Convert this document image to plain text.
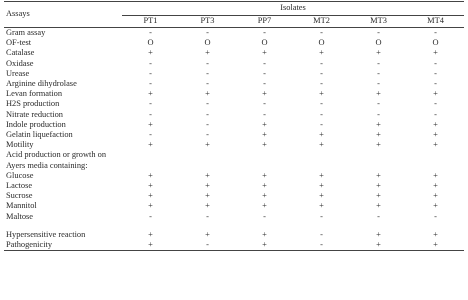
Assays	Isolates					
	PT1	PT3	PP7	MT2	MT3	MT4
Gram assay	-	-	-	-	-	-
OF-test	O	O	O	O	O	O
Catalase	+	+	+	+	+	+
Oxidase	-	-	-	-	-	-
Urease	-	-	-	-	-	-
Arginine dihydrolase	-	-	-	-	-	-
Levan formation	+	+	+	+	+	+
H2S production	-	-	-	-	-	-
Nitrate reduction	-	-	-	-	-	-
Indole production	+	-	+	-	+	+
Gelatin liquefaction	-	-	+	+	+	+
Motility	+	+	+	+	+	+
Acid production or growth on						
Ayers media containing:						
Glucose	+	+	+	+	+	+
Lactose	+	+	+	+	+	+
Sucrose	+	+	+	+	+	+
Mannitol	+	+	+	+	+	+
Maltose	-	-	-	-	-	-

Hypersensitive reaction	+	+	+	-	+	+
Pathogenicity	+	-	+	-	+	+
